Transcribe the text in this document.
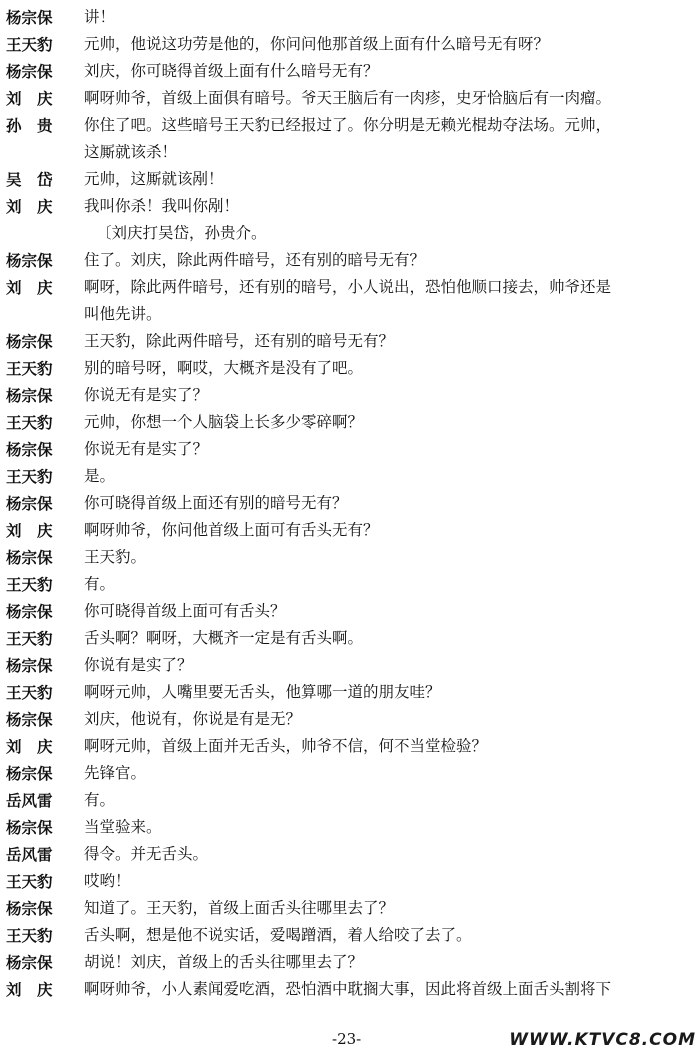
杨宗保	讲！
王天豹	元帅，他说这功劳是他的，你问问他那首级上面有什么暗号无有呀？
杨宗保	刘庆，你可晓得首级上面有什么暗号无有？
刘　庆	啊呀帅爷，首级上面俱有暗号。爷天王脑后有一肉疹，史牙恰脑后有一肉瘤。
孙　贵	你住了吧。这些暗号王天豹已经报过了。你分明是无赖光棍劫夺法场。元帅，
这厮就该杀！
吴　岱	元帅，这厮就该剐！
刘　庆	我叫你杀！我叫你剐！
〔刘庆打吴岱，孙贵介。
杨宗保	住了。刘庆，除此两件暗号，还有别的暗号无有？
刘　庆	啊呀，除此两件暗号，还有别的暗号，小人说出，恐怕他顺口接去，帅爷还是
叫他先讲。
杨宗保	王天豹，除此两件暗号，还有别的暗号无有？
王天豹	别的暗号呀，啊哎，大概齐是没有了吧。
杨宗保	你说无有是实了？
王天豹	元帅，你想一个人脑袋上长多少零碎啊？
杨宗保	你说无有是实了？
王天豹	是。
杨宗保	你可晓得首级上面还有别的暗号无有？
刘　庆	啊呀帅爷，你问他首级上面可有舌头无有？
杨宗保	王天豹。
王天豹	有。
杨宗保	你可晓得首级上面可有舌头？
王天豹	舌头啊？啊呀，大概齐一定是有舌头啊。
杨宗保	你说有是实了？
王天豹	啊呀元帅，人嘴里要无舌头，他算哪一道的朋友哇？
杨宗保	刘庆，他说有，你说是有是无？
刘　庆	啊呀元帅，首级上面并无舌头，帅爷不信，何不当堂检验？
杨宗保	先锋官。
岳风雷	有。
杨宗保	当堂验来。
岳风雷	得令。并无舌头。
王天豹	哎哟！
杨宗保	知道了。王天豹，首级上面舌头往哪里去了？
王天豹	舌头啊，想是他不说实话，爱喝蹭酒，着人给咬了去了。
杨宗保	胡说！刘庆，首级上的舌头往哪里去了？
刘　庆	啊呀帅爷，小人素闻爱吃酒，恐怕酒中耽搁大事，因此将首级上面舌头割将下
-23-	WWW.KTVC8.COM
